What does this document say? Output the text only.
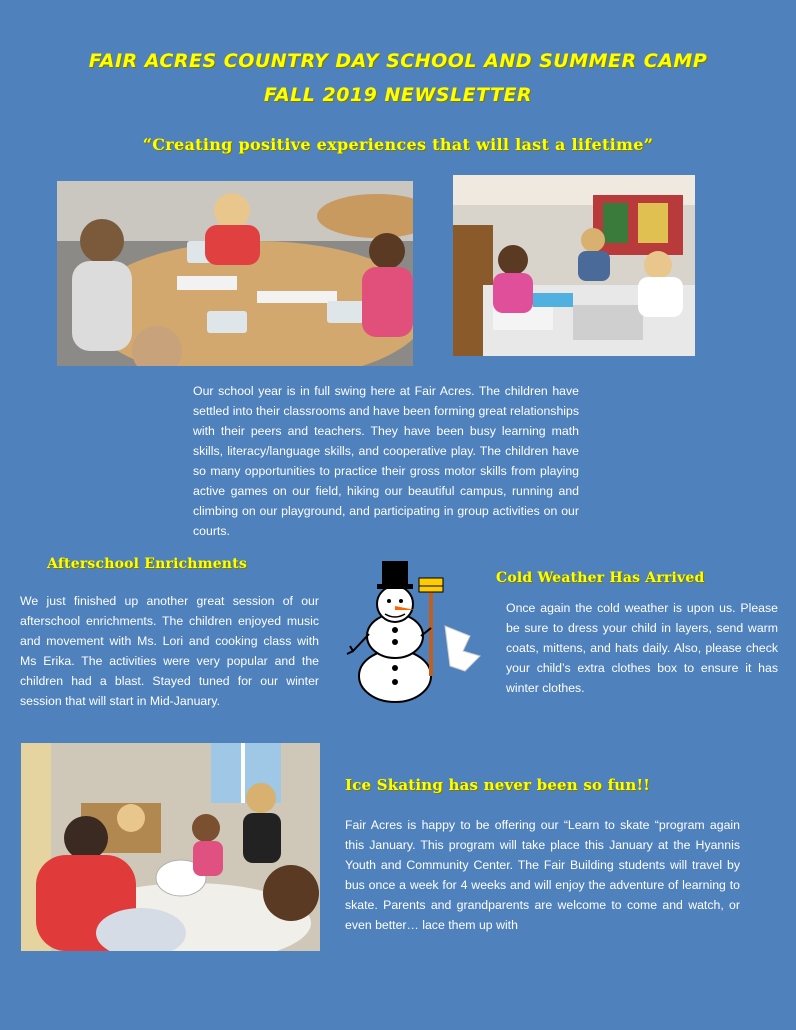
FAIR ACRES COUNTRY DAY SCHOOL AND SUMMER CAMP
FALL 2019 NEWSLETTER
“Creating positive experiences that will last a lifetime”
Our school year is in full swing here at Fair Acres. The children have settled into their classrooms and have been forming great relationships with their peers and teachers. They have been busy learning math skills, literacy/language skills, and cooperative play. The children have so many opportunities to practice their gross motor skills from playing active games on our field, hiking our beautiful campus, running and climbing on our playground, and participating in group activities on our courts.
Afterschool Enrichments
We just finished up another great session of our afterschool enrichments. The children enjoyed music and movement with Ms. Lori and cooking class with Ms Erika. The activities were very popular and the children had a blast. Stayed tuned for our winter session that will start in Mid-January.
Cold Weather Has Arrived
Once again the cold weather is upon us. Please be sure to dress your child in layers, send warm coats, mittens, and hats daily. Also, please check your child’s extra clothes box to ensure it has winter clothes.
Ice Skating has never been so fun!!
Fair Acres is happy to be offering our “Learn to skate “program again this January. This program will take place this January at the Hyannis Youth and Community Center. The Fair Building students will travel by bus once a week for 4 weeks and will enjoy the adventure of learning to skate. Parents and grandparents are welcome to come and watch, or even better… lace them up with
